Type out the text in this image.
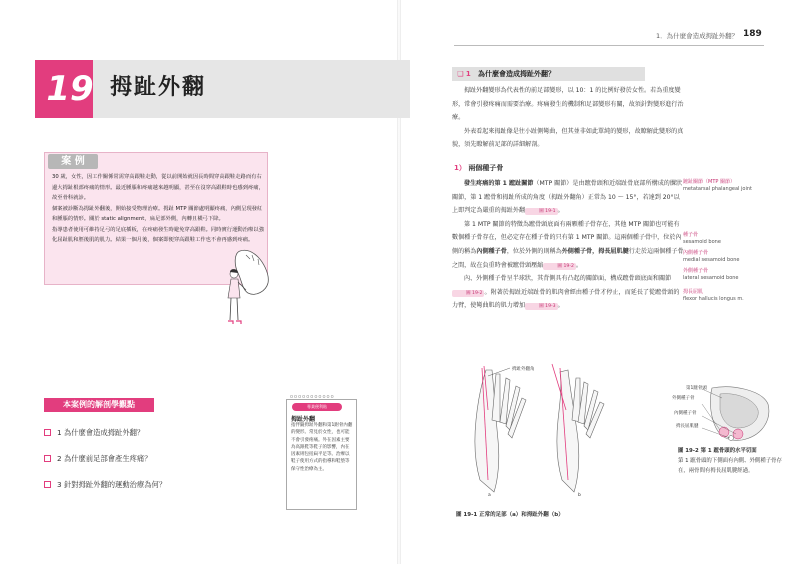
19 拇趾外翻
案 例

30 歲，女性，因工作關係常需穿高跟鞋走動，從以前開始就因長時間穿高跟鞋走路而有右邊大拇趾根部疼痛的情形。最近腫脹和疼痛越來越明顯，甚至在沒穿高跟鞋時也感到疼痛，故至骨科就診。

個案被診斷為拇趾外翻後，開始接受物理治療。拇趾 MTP 關節處明顯疼痛，內側呈現發紅和腫脹的情形。關於 static alignment，扁足部外側，內轉且橫弓下降。

指導患者使用可維持足弓的足底插板，在疼痛發生時避免穿高跟鞋。同時實行運動治療以強化屈趾肌和脛後肌的肌力。結果一個月後，個案即便穿高跟鞋工作也不會再感到疼痛。

本案例的解剖學觀點
1 為什麼會造成拇趾外翻？
2 為什麼前足部會產生疼痛？
3 針對拇趾外翻的運動治療為何？
ooooooooooo
專業便利貼
拇趾外翻
指伴隨拇趾外翻和第1跗骨內翻的變形。常見於女性，也可能不會引發疼痛。外在因素主要為高跟鞋等鞋子的影響，內在因素則包括扁平足等。治療以鞋子使用方式的指導和鞋墊等保守性治療為主。
1．為什麼會造成拇趾外翻？ 189
❑ 1	為什麼會造成拇趾外翻？

拇趾外翻變形為代表性的前足部變形，以 10：1 的比例好發於女性。若為重度變形，常會引發疼痛而需要治療。疼痛發生的機制和足部變形有關，故須針對變形進行治療。

外表看起來拇趾像是往小趾側彎曲，但其並非如此單純的變形，故瞭解此變形的真貌，須先瞭解前足部的詳細解剖。

1） 兩個種子骨

發生疼痛的第 1 蹠趾關節（MTP 關節）是由蹠骨頭和近端趾骨底部所構成的髁狀關節，第 1 蹠骨和拇趾所成的角度（拇趾外翻角）正常為 10 ～ 15°，若達到 20°以上即判定為嚴重的拇趾外翻	圖 19-1 。

第 1 MTP 關節的特徵為蹠骨頭底面有兩顆種子骨存在，其他 MTP 關節也可能有數個種子骨存在，但必定存在種子骨的只有第 1 MTP 關節。這兩個種子骨中，位於內側的稱為內側種子骨，位於外側的則稱為外側種子骨，拇長屈肌腱行走於這兩個種子骨之間，故在負重時會被蹠骨頭壓縮	圖 19-2 。

內、外側種子骨呈半球狀，其背側具有凸起的關節面，構成蹠骨頭底面和關節圖 19-2 。附著於拇趾近端趾骨的肌肉會經由種子骨才停止，而延長了從蹠骨頭的力臂，使彎曲肌的肌力增加	圖 19-3 。

蹠趾關節（MTP 關節）
metatarsal phalangeal joint
種子骨
sesamoid bone
內側種子骨
medial sesamoid bone
外側種子骨
lateral sesamoid bone
拇長屈肌
flexor hallucis longus m.
拇趾外翻角
a	b
圖 19-1 正常的足部（a）和拇趾外翻（b）
第1蹠骨頭
外側種子骨
內側種子骨
拇長屈肌腱
圖 19-2 第 1 蹠骨頭的水平切面
第 1 蹠骨頭的下側面有內側、外側種子骨存在，兩骨間有拇長屈肌腱經過。
